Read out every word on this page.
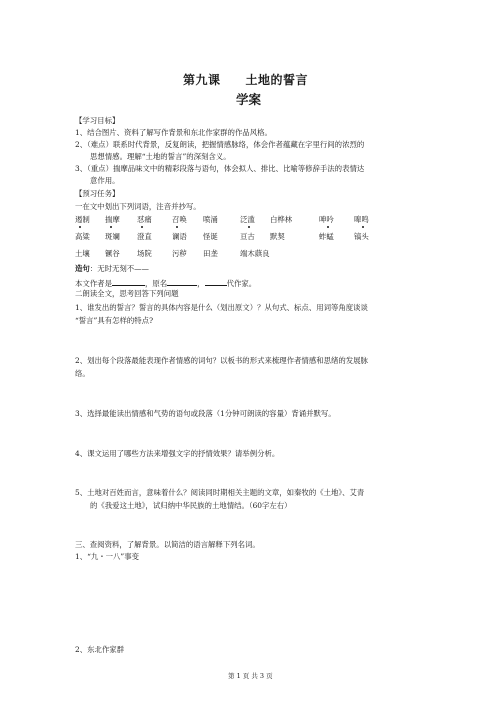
第九课　　土地的誓言
学案
【学习目标】
1、结合图片、资料了解写作背景和东北作家群的作品风格。
2、（难点）联系时代背景，反复朗读，把握情感脉络，体会作者蕴藏在字里行间的浓烈的
思想情感。理解“土地的誓言”的深刻含义。
3、（重点）揣摩品味文中的精彩段落与语句，体会拟人、排比、比喻等修辞手法的表情达
意作用。
【预习任务】
一在文中划出下列词语，注音并抄写。
遏制 揣摩 怼痛	召唤 喷涌	泛滥 白桦林	呻吟	嗥鸣
高粱 斑斓 澄直	谰语 怪诞	亘古 默契	蚱蜢	镐头
土壤 镢谷 场院	污秽 田垄	端木蕻良
造句：无时无刻不——
本文作者是	，原名	，	代作家。
二朗读全文，思考回答下列问题
1、谁发出的誓言？誓言的具体内容是什么（划出原文）？从句式、标点、用词等角度谈谈
“誓言”具有怎样的特点?
2、划出每个段落最能表现作者情感的词句？以板书的形式来梳理作者情感和思绪的发展脉
络。
3、选择最能读出情感和气势的语句或段落（1分钟可朗读的容量）背诵并默写。
4、课文运用了哪些方法来增强文字的抒情效果？请举例分析。
5、土地对百姓而言，意味着什么？阅读同时期相关主题的文章，如秦牧的《土地》、艾青
的《我爱这土地》，试归纳中华民族的土地情结。（60字左右）
三、查阅资料，了解背景。以简洁的语言解释下列名词。
1、“九・一八”事变
2、东北作家群
第 1 页 共 3 页
